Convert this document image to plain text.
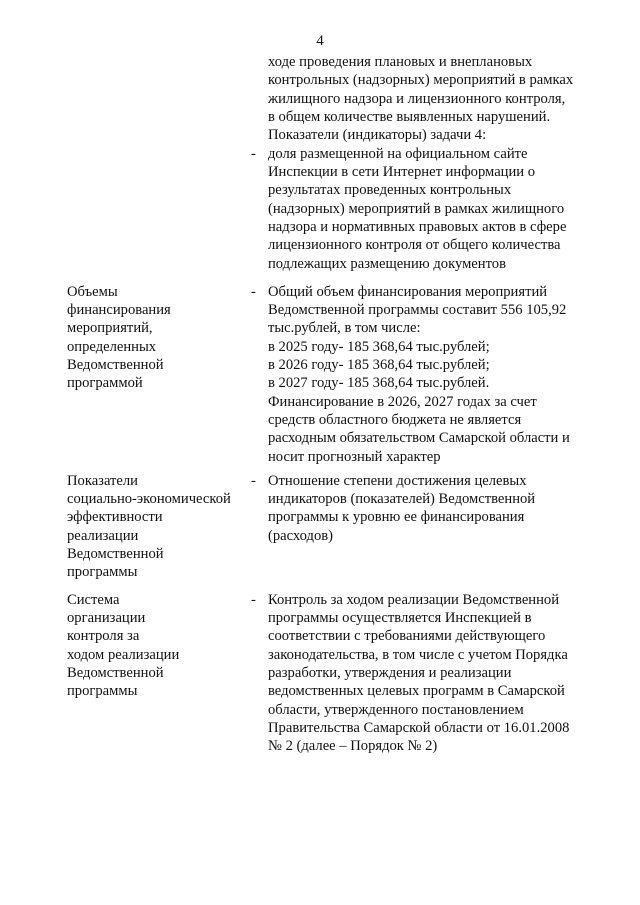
4
ходе проведения плановых и внеплановых
контрольных (надзорных) мероприятий в рамках
жилищного надзора и лицензионного контроля,
в общем количестве выявленных нарушений.
Показатели (индикаторы) задачи 4:
- доля размещенной на официальном сайте
Инспекции в сети Интернет информации о
результатах проведенных контрольных
(надзорных) мероприятий в рамках жилищного
надзора и нормативных правовых актов в сфере
лицензионного контроля от общего количества
подлежащих размещению документов
Объемы
финансирования
мероприятий,
определенных
Ведомственной
программой
- Общий объем финансирования мероприятий
Ведомственной программы составит 556 105,92
тыс.рублей, в том числе:
в 2025 году- 185 368,64 тыс.рублей;
в 2026 году- 185 368,64 тыс.рублей;
в 2027 году- 185 368,64 тыс.рублей.
Финансирование в 2026, 2027 годах за счет
средств областного бюджета не является
расходным обязательством Самарской области и
носит прогнозный характер
Показатели
социально-экономической
эффективности
реализации
Ведомственной
программы
- Отношение степени достижения целевых
индикаторов (показателей) Ведомственной
программы к уровню ее финансирования
(расходов)
Система
организации
контроля за
ходом реализации
Ведомственной
программы
- Контроль за ходом реализации Ведомственной
программы осуществляется Инспекцией в
соответствии с требованиями действующего
законодательства, в том числе с учетом Порядка
разработки, утверждения и реализации
ведомственных целевых программ в Самарской
области, утвержденного постановлением
Правительства Самарской области от 16.01.2008
№ 2 (далее – Порядок № 2)
